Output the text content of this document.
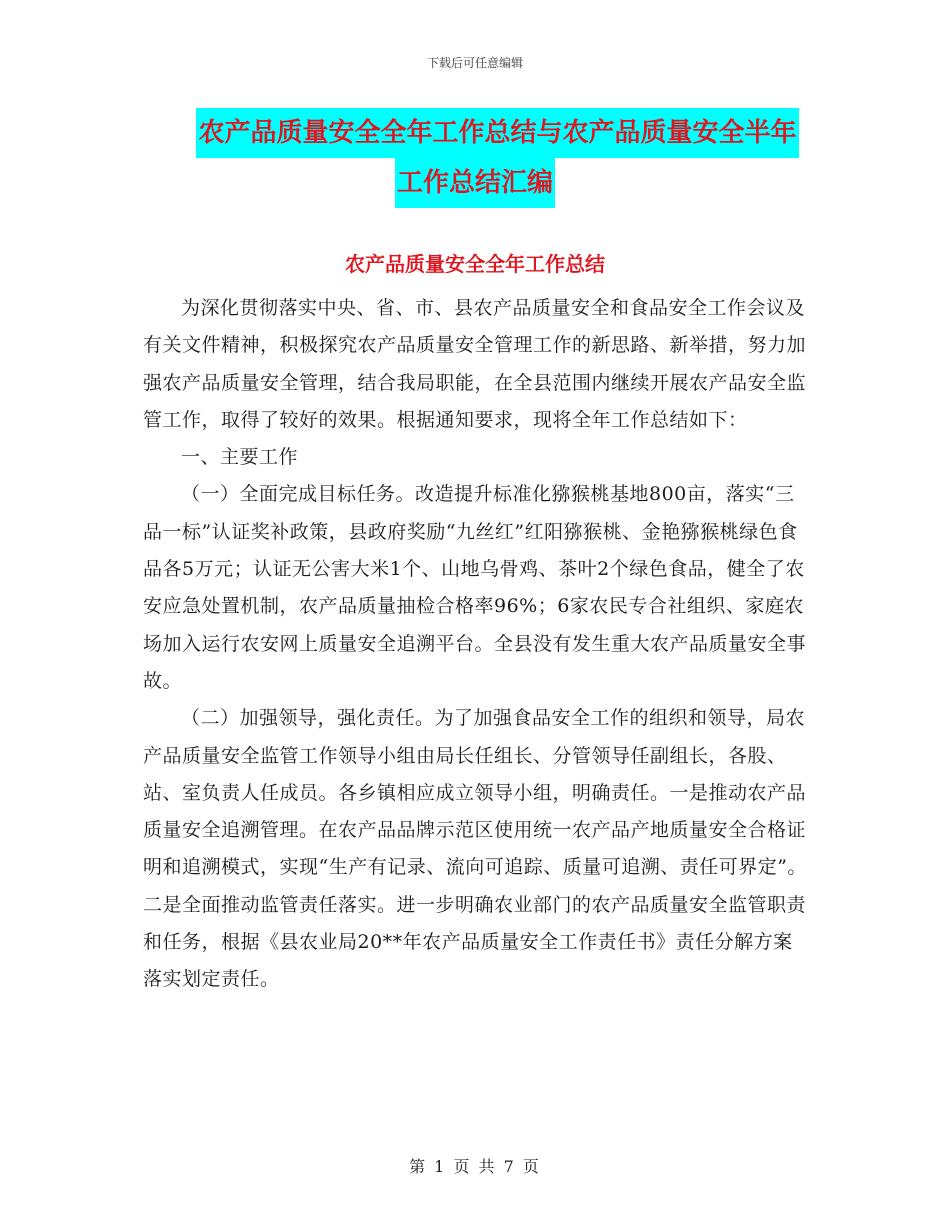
下载后可任意编辑
农产品质量安全全年工作总结与农产品质量安全半年
工作总结汇编
农产品质量安全全年工作总结

为深化贯彻落实中央、省、市、县农产品质量安全和食品安全工作会议及有关文件精神，积极探究农产品质量安全管理工作的新思路、新举措，努力加强农产品质量安全管理，结合我局职能，在全县范围内继续开展农产品安全监管工作，取得了较好的效果。根据通知要求，现将全年工作总结如下：

一、主要工作

（一）全面完成目标任务。改造提升标准化猕猴桃基地800亩，落实“三品一标”认证奖补政策，县政府奖励“九丝红”红阳猕猴桃、金艳猕猴桃绿色食品各5万元；认证无公害大米1个、山地乌骨鸡、茶叶2个绿色食品，健全了农安应急处置机制，农产品质量抽检合格率96%；6家农民专合社组织、家庭农场加入运行农安网上质量安全追溯平台。全县没有发生重大农产品质量安全事故。

（二）加强领导，强化责任。为了加强食品安全工作的组织和领导，局农产品质量安全监管工作领导小组由局长任组长、分管领导任副组长，各股、站、室负责人任成员。各乡镇相应成立领导小组，明确责任。一是推动农产品质量安全追溯管理。在农产品品牌示范区使用统一农产品产地质量安全合格证明和追溯模式，实现“生产有记录、流向可追踪、质量可追溯、责任可界定”。二是全面推动监管责任落实。进一步明确农业部门的农产品质量安全监管职责和任务，根据《县农业局20**年农产品质量安全工作责任书》责任分解方案落实划定责任。

第 1 页 共 7 页
